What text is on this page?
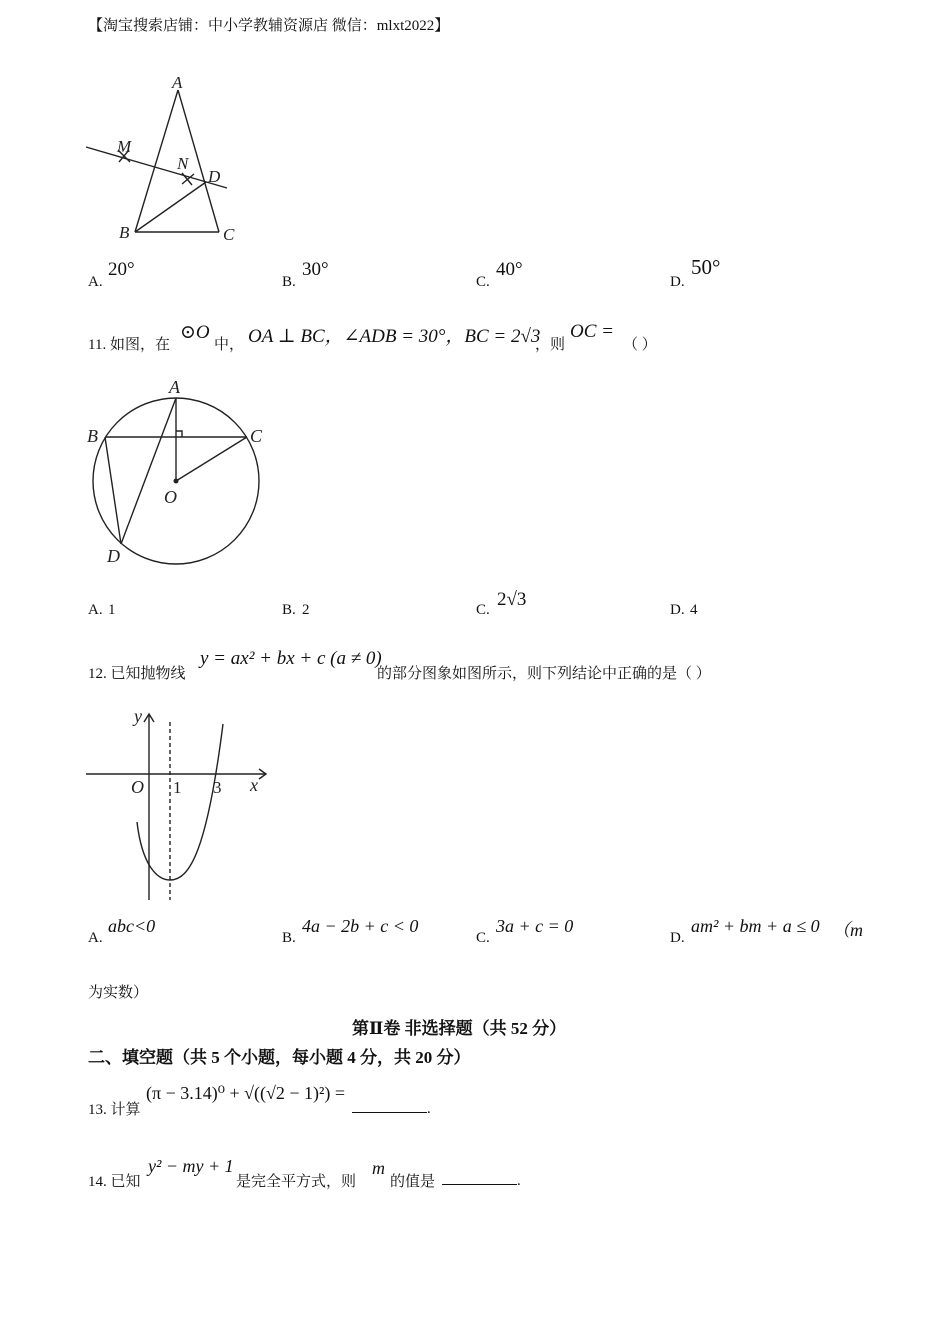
【淘宝搜索店铺：中小学教辅资源店 微信：mlxt2022】
A
B	C
D
M
N
A.
20°
B.
30°
C.
40°
D.
50°
11. 如图，在
⊙O
中， OA ⊥ BC，∠ADB = 30°，BC = 2√3
，则
OC =
（ ）
A
B	C
D
O
A. 1	B. 2	C. 2√3	D. 4
12. 已知抛物线
y = ax² + bx + c (a ≠ 0)
的部分图象如图所示，则下列结论中正确的是（ ）
y
x
O 1 3
A.
abc<0
B.
4a − 2b + c < 0
C.
3a + c = 0
D.
am² + bm + a ≤ 0 （m
为实数）
第Ⅱ卷 非选择题（共 52 分）
二、填空题（共 5 个小题，每小题 4 分，共 20 分）
13. 计算
(π − 3.14)⁰ + √((√2 − 1)²) =
.
14. 已知
y² − my + 1
是完全平方式，则
m
的值是	.
